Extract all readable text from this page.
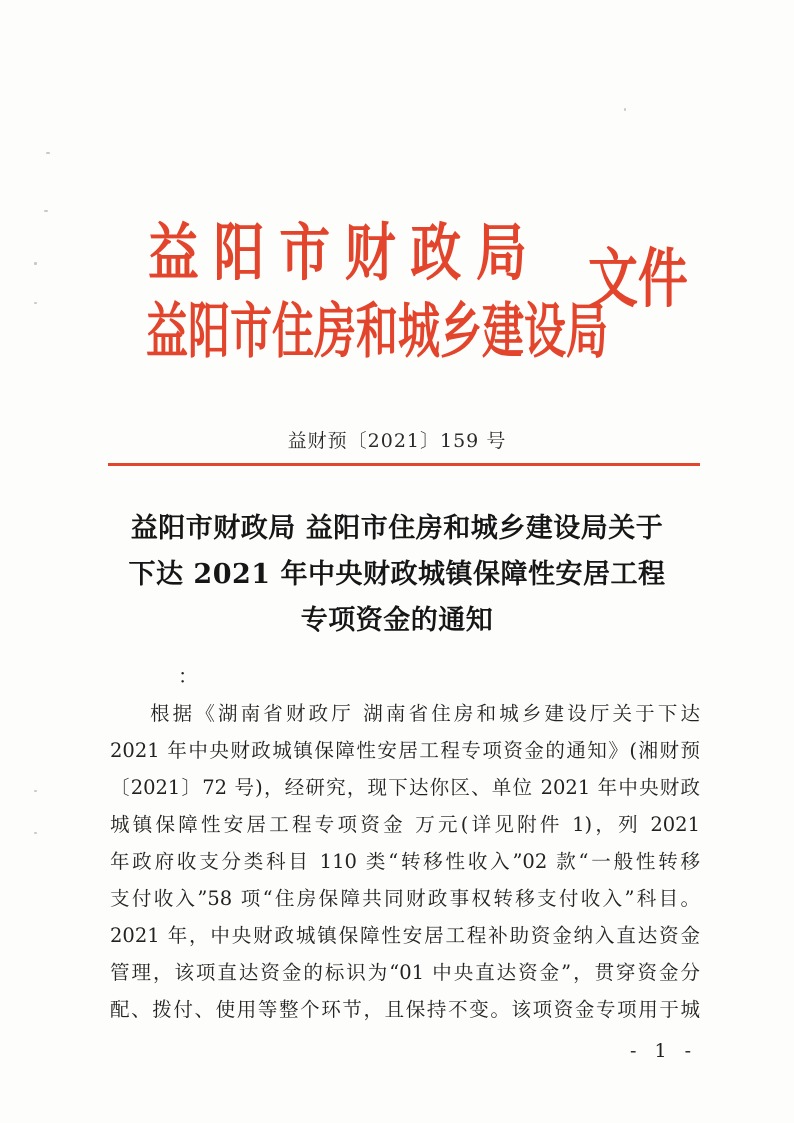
益阳市财政局
益阳市住房和城乡建设局
文件
益财预〔2021〕159 号
益阳市财政局 益阳市住房和城乡建设局关于
下达 2021 年中央财政城镇保障性安居工程
专项资金的通知
：
根据《湖南省财政厅 湖南省住房和城乡建设厅关于下达
2021 年中央财政城镇保障性安居工程专项资金的通知》(湘财预
〔2021〕72 号)，经研究，现下达你区、单位 2021 年中央财政
城镇保障性安居工程专项资金 万元(详见附件 1)，列 2021
年政府收支分类科目 110 类“转移性收入”02 款“一般性转移
支付收入”58 项“住房保障共同财政事权转移支付收入”科目。
2021 年，中央财政城镇保障性安居工程补助资金纳入直达资金
管理，该项直达资金的标识为“01 中央直达资金”，贯穿资金分
配、拨付、使用等整个环节，且保持不变。该项资金专项用于城
- 1 -
